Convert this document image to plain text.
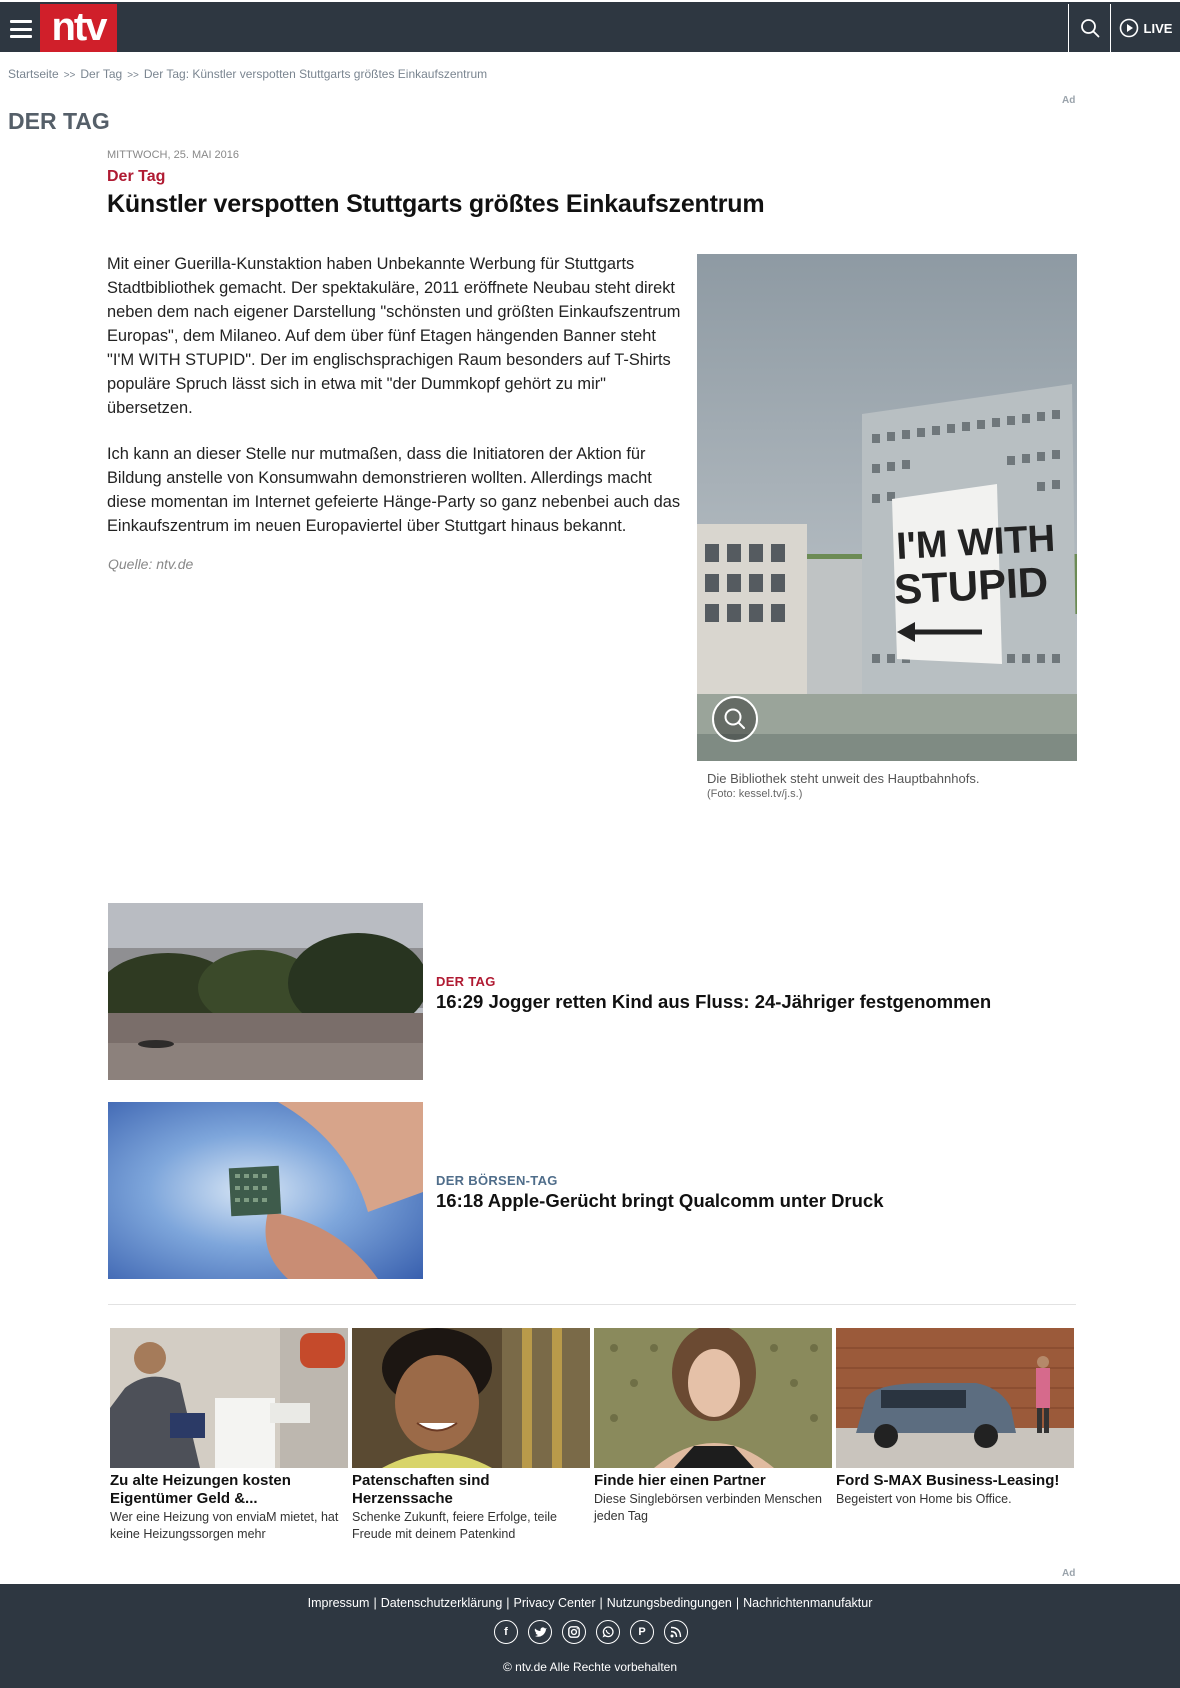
ntv	LIVE
Startseite >> Der Tag >> Der Tag: Künstler verspotten Stuttgarts größtes Einkaufszentrum
Ad
DER TAG
MITTWOCH, 25. MAI 2016
Der Tag
Künstler verspotten Stuttgarts größtes Einkaufszentrum

Mit einer Guerilla-Kunstaktion haben Unbekannte Werbung für Stuttgarts Stadtbibliothek gemacht. Der spektakuläre, 2011 eröffnete Neubau steht direkt neben dem nach eigener Darstellung "schönsten und größten Einkaufszentrum Europas", dem Milaneo. Auf dem über fünf Etagen hängenden Banner steht "I'M WITH STUPID". Der im englischsprachigen Raum besonders auf T-Shirts populäre Spruch lässt sich in etwa mit "der Dummkopf gehört zu mir" übersetzen.

Ich kann an dieser Stelle nur mutmaßen, dass die Initiatoren der Aktion für Bildung anstelle von Konsumwahn demonstrieren wollten. Allerdings macht diese momentan im Internet gefeierte Hänge-Party so ganz nebenbei auch das Einkaufszentrum im neuen Europaviertel über Stuttgart hinaus bekannt.

Quelle: ntv.de	I'M WITH
STUPID
Die Bibliothek steht unweit des Hauptbahnhofs.
(Foto: kessel.tv/j.s.)
DER TAG
16:29 Jogger retten Kind aus Fluss: 24-Jähriger festgenommen
DER BÖRSEN-TAG
16:18 Apple-Gerücht bringt Qualcomm unter Druck
Zu alte Heizungen kosten Eigentümer Geld &...
Wer eine Heizung von enviaM mietet, hat keine Heizungssorgen mehr
Patenschaften sind Herzenssache
Schenke Zukunft, feiere Erfolge, teile Freude mit deinem Patenkind
Finde hier einen Partner
Diese Singlebörsen verbinden Menschen jeden Tag
Ford S-MAX Business-Leasing!
Begeistert von Home bis Office.
Ad
Impressum | Datenschutzerklärung | Privacy Center | Nutzungsbedingungen | Nachrichtenmanufaktur
f	P
© ntv.de Alle Rechte vorbehalten
